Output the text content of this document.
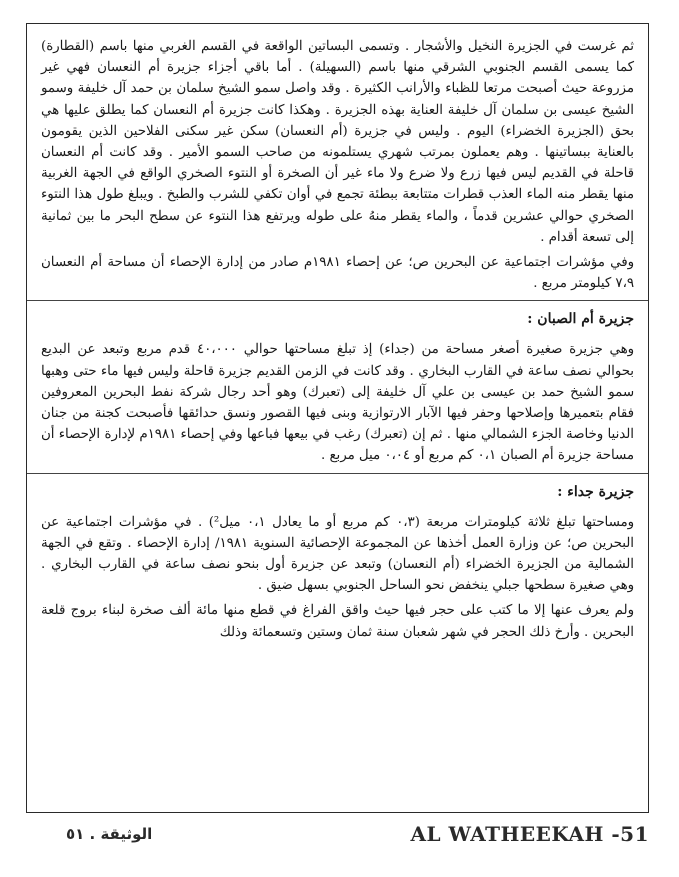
ثم غرست في الجزيرة النخيل والأشجار . وتسمى البساتين الواقعة في القسم الغربي منها باسم (القطارة) كما يسمى القسم الجنوبي الشرقي منها باسم (السهيلة) . أما باقي أجزاء جزيرة أم النعسان فهي غير مزروعة حيث أصبحت مرتعا للظباء والأرانب الكثيرة . وقد واصل سمو الشيخ سلمان بن حمد آل خليفة وسمو الشيخ عيسى بن سلمان آل خليفة العناية بهذه الجزيرة . وهكذا كانت جزيرة أم النعسان كما يطلق عليها هي بحق (الجزيرة الخضراء) اليوم . وليس في جزيرة (أم النعسان) سكن غير سكنى الفلاحين الذين يقومون بالعناية ببساتينها . وهم يعملون بمرتب شهري يستلمونه من صاحب السمو الأمير . وقد كانت أم النعسان قاحلة في القديم ليس فيها زرع ولا ضرع ولا ماء غير أن الصخرة أو النتوء الصخري الواقع في الجهة الغربية منها يقطر منه الماء العذب قطرات متتابعة ببطئة تجمع في أوان تكفي للشرب والطبخ . ويبلغ طول هذا النتوء الصخري حوالي عشرين قدماً ، والماء يقطر منهُ على طوله ويرتفع هذا النتوء عن سطح البحر ما بين ثمانية إلى تسعة أقدام .

وفي مؤشرات اجتماعية عن البحرين ص؛ عن إحصاء ١٩٨١م صادر من إدارة الإحصاء أن مساحة أم النعسان ٧،٩ كيلومتر مربع .

جزيرة أم الصبان :

وهي جزيرة صغيرة أصغر مساحة من (جداء) إذ تبلغ مساحتها حوالي ٤٠،٠٠٠ قدم مربع وتبعد عن البديع بحوالي نصف ساعة في القارب البخاري . وقد كانت في الزمن القديم جزيرة قاحلة وليس فيها ماء حتى وهبها سمو الشيخ حمد بن عيسى بن علي آل خليفة إلى (تعبرك) وهو أحد رجال شركة نفط البحرين المعروفين فقام بتعميرها وإصلاحها وحفر فيها الآبار الارتوازية وبنى فيها القصور ونسق حدائقها فأصبحت كجنة من جنان الدنيا وخاصة الجزء الشمالي منها . ثم إن (تعبرك) رغب في بيعها فباعها وفي إحصاء ١٩٨١م لإدارة الإحصاء أن مساحة جزيرة أم الصبان ٠،١ كم مربع أو ٠،٠٤ ميل مربع .

جزيرة جداء :

ومساحتها تبلغ ثلاثة كيلومترات مربعة (٠،٣ كم مربع أو ما يعادل ٠،١ ميل²) . في مؤشرات اجتماعية عن البحرين ص؛ عن وزارة العمل أخذها عن المجموعة الإحصائية السنوية ١٩٨١/ إدارة الإحصاء . وتقع في الجهة الشمالية من الجزيرة الخضراء (أم النعسان) وتبعد عن جزيرة أول بنحو نصف ساعة في القارب البخاري . وهي صغيرة سطحها جبلي ينخفض نحو الساحل الجنوبي بسهل ضيق .

ولم يعرف عنها إلا ما كتب على حجر فيها حيث واقق الفراغ في قطع منها مائة ألف صخرة لبناء بروج قلعة البحرين . وأرخ ذلك الحجر في شهر شعبان سنة ثمان وستين وتسعمائة وذلك

الوثيقة . ٥١	AL WATHEEKAH -51
